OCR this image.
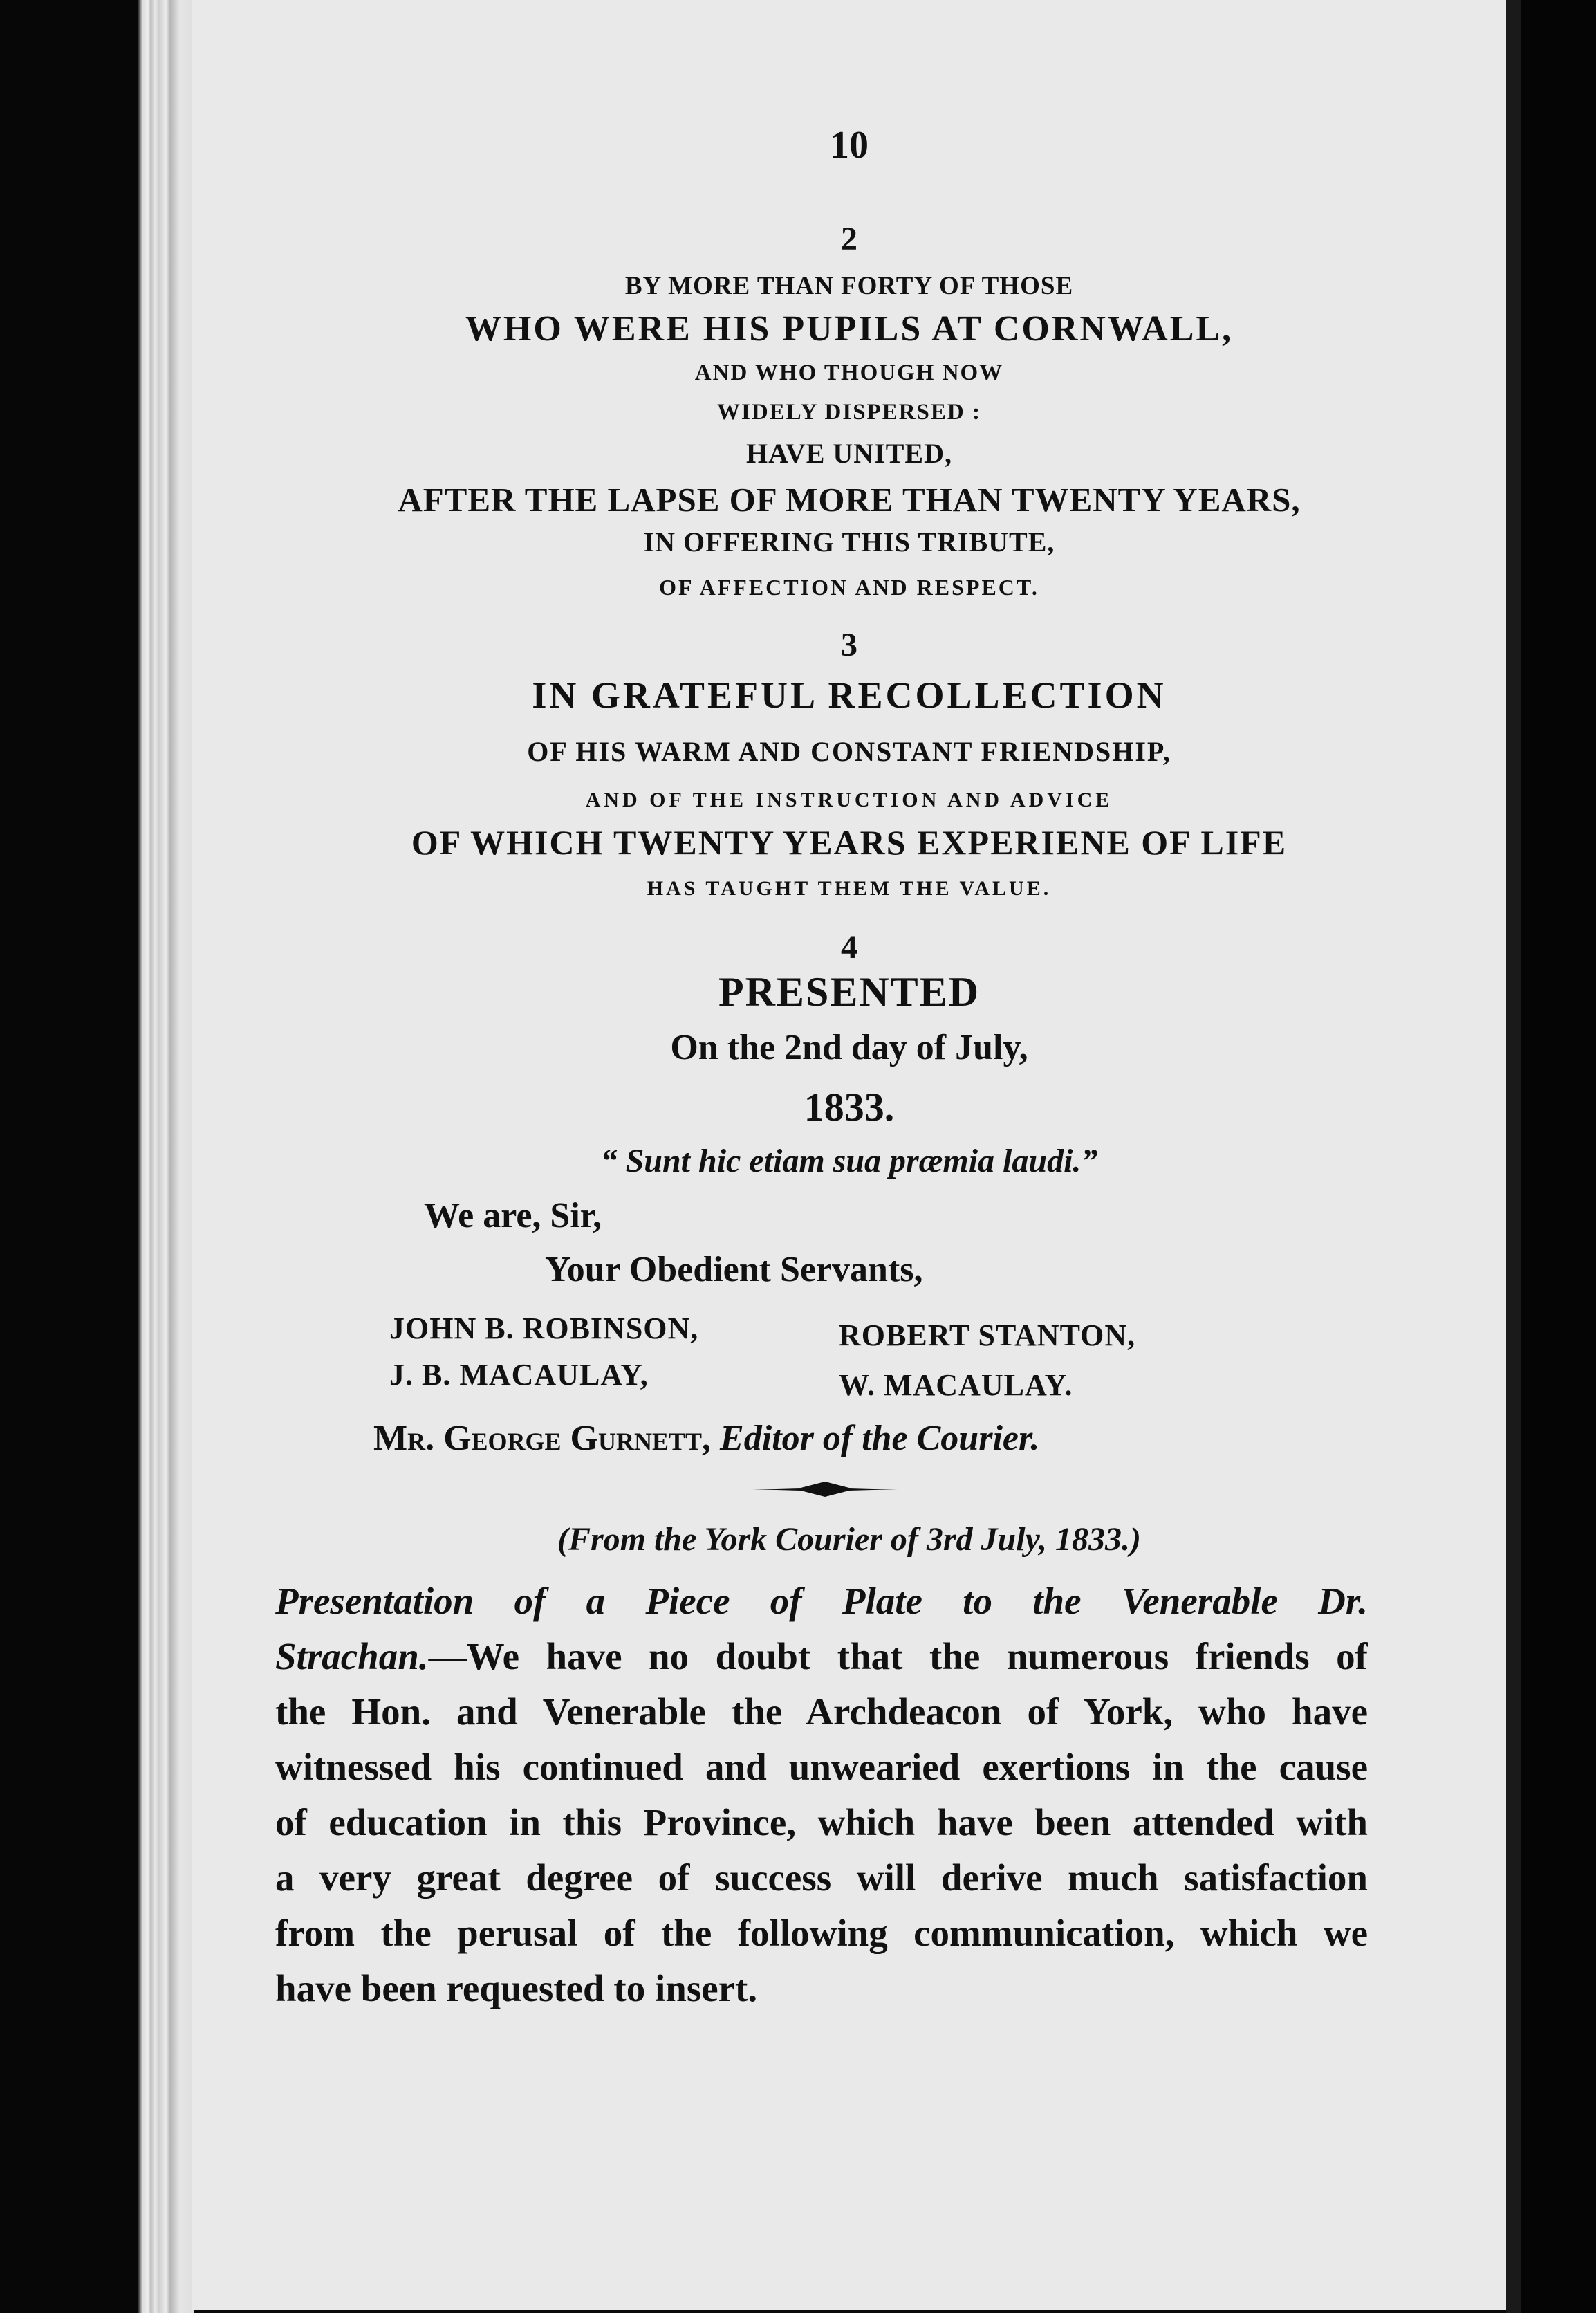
10
2
BY MORE THAN FORTY OF THOSE
WHO WERE HIS PUPILS AT CORNWALL,
AND WHO THOUGH NOW
WIDELY DISPERSED :
HAVE UNITED,
AFTER THE LAPSE OF MORE THAN TWENTY YEARS,
IN OFFERING THIS TRIBUTE,
OF AFFECTION AND RESPECT.
3
IN GRATEFUL RECOLLECTION
OF HIS WARM AND CONSTANT FRIENDSHIP,
AND OF THE INSTRUCTION AND ADVICE
OF WHICH TWENTY YEARS EXPERIENE OF LIFE
HAS TAUGHT THEM THE VALUE.
4
PRESENTED
On the 2nd day of July,
1833.
“ Sunt hic etiam sua præmia laudi.”
We are, Sir,
Your Obedient Servants,
JOHN B. ROBINSON,	ROBERT STANTON,
J. B. MACAULAY,	W. MACAULAY.
Mr. George Gurnett, Editor of the Courier.
(From the York Courier of 3rd July, 1833.)
Presentation of a Piece of Plate to the Venerable Dr.
Strachan.—We have no doubt that the numerous friends of
the Hon. and Venerable the Archdeacon of York, who have
witnessed his continued and unwearied exertions in the cause
of education in this Province, which have been attended with
a very great degree of success will derive much satisfaction
from the perusal of the following communication, which we
have been requested to insert.
